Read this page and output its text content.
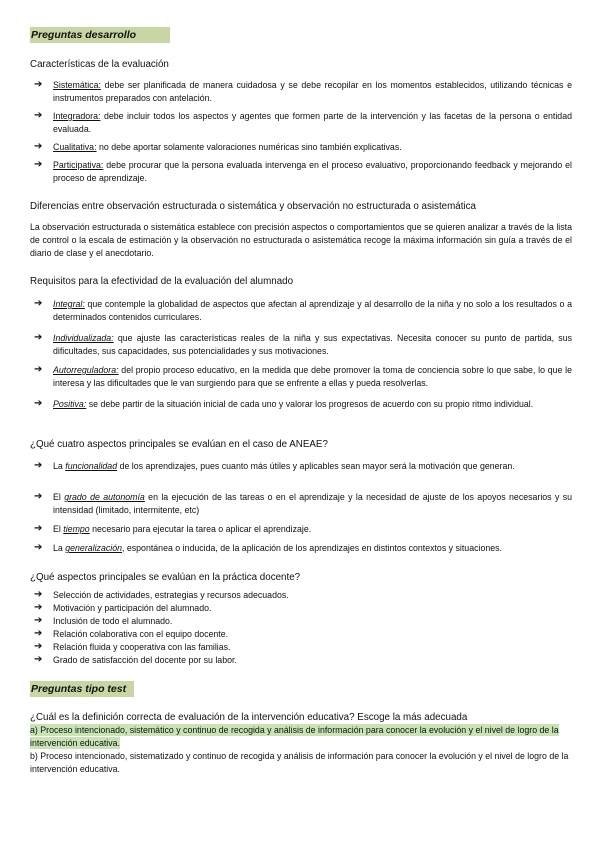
Preguntas desarrollo
Características de la evaluación
➔ Sistemática: debe ser planificada de manera cuidadosa y se debe recopilar en los momentos establecidos, utilizando técnicas e instrumentos preparados con antelación.
➔ Integradora: debe incluir todos los aspectos y agentes que formen parte de la intervención y las facetas de la persona o entidad evaluada.
➔ Cualitativa: no debe aportar solamente valoraciones numéricas sino también explicativas.
➔ Participativa: debe procurar que la persona evaluada intervenga en el proceso evaluativo, proporcionando feedback y mejorando el proceso de aprendizaje.
Diferencias entre observación estructurada o sistemática y observación no estructurada o asistemática
La observación estructurada o sistemática establece con precisión aspectos o comportamientos que se quieren analizar a través de la lista de control o la escala de estimación y la observación no estructurada o asistemática recoge la máxima información sin guía a través de el diario de clase y el anecdotario.
Requisitos para la efectividad de la evaluación del alumnado
➔ Integral: que contemple la globalidad de aspectos que afectan al aprendizaje y al desarrollo de la niña y no solo a los resultados o a determinados contenidos curriculares.
➔ Individualizada: que ajuste las características reales de la niña y sus expectativas. Necesita conocer su punto de partida, sus dificultades, sus capacidades, sus potencialidades y sus motivaciones.
➔ Autorreguladora: del propio proceso educativo, en la medida que debe promover la toma de conciencia sobre lo que sabe, lo que le interesa y las dificultades que le van surgiendo para que se enfrente a ellas y pueda resolverlas.
➔ Positiva: se debe partir de la situación inicial de cada uno y valorar los progresos de acuerdo con su propio ritmo individual.
¿Qué cuatro aspectos principales se evalúan en el caso de ANEAE?
➔ La funcionalidad de los aprendizajes, pues cuanto más útiles y aplicables sean mayor será la motivación que generan.
➔ El grado de autonomía en la ejecución de las tareas o en el aprendizaje y la necesidad de ajuste de los apoyos necesarios y su intensidad (limitado, intermitente, etc)
➔ El tiempo necesario para ejecutar la tarea o aplicar el aprendizaje.
➔ La generalización, espontánea o inducida, de la aplicación de los aprendizajes en distintos contextos y situaciones.
¿Qué aspectos principales se evalúan en la práctica docente?
➔ Selección de actividades, estrategias y recursos adecuados.
➔ Motivación y participación del alumnado.
➔ Inclusión de todo el alumnado.
➔ Relación colaborativa con el equipo docente.
➔ Relación fluida y cooperativa con las familias.
➔ Grado de satisfacción del docente por su labor.
Preguntas tipo test
¿Cuál es la definición correcta de evaluación de la intervención educativa? Escoge la más adecuada
a) Proceso intencionado, sistemático y continuo de recogida y análisis de información para conocer la evolución y el nivel de logro de la intervención educativa.
b) Proceso intencionado, sistematizado y continuo de recogida y análisis de información para conocer la evolución y el nivel de logro de la intervención educativa.
